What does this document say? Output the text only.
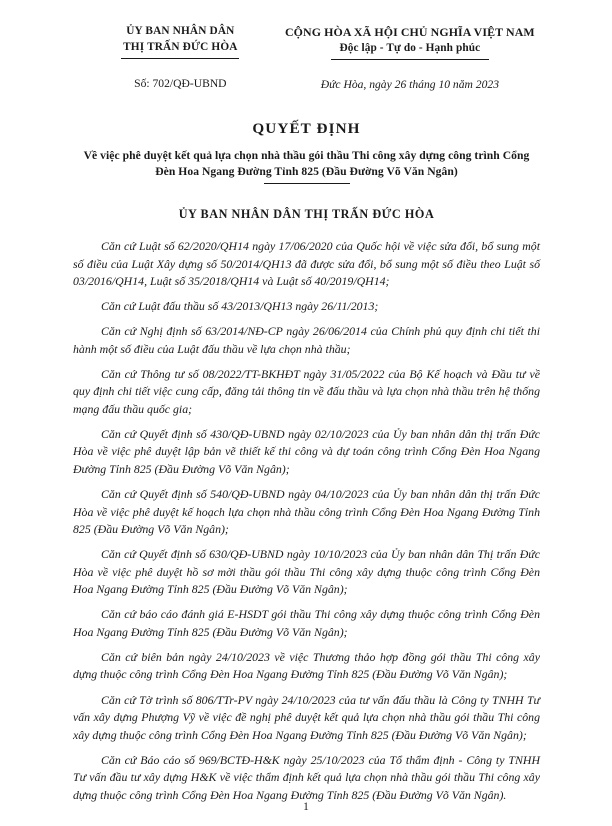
ỦY BAN NHÂN DÂN
THỊ TRẤN ĐỨC HÒA
Số: 702/QĐ-UBND
CỘNG HÒA XÃ HỘI CHỦ NGHĨA VIỆT NAM
Độc lập - Tự do - Hạnh phúc
Đức Hòa, ngày 26 tháng 10 năm 2023
QUYẾT ĐỊNH
Về việc phê duyệt kết quả lựa chọn nhà thầu gói thầu Thi công xây dựng công trình Cổng Đèn Hoa Ngang Đường Tỉnh 825 (Đầu Đường Võ Văn Ngân)
ỦY BAN NHÂN DÂN THỊ TRẤN ĐỨC HÒA

Căn cứ Luật số 62/2020/QH14 ngày 17/06/2020 của Quốc hội về việc sửa đổi, bổ sung một số điều của Luật Xây dựng số 50/2014/QH13 đã được sửa đổi, bổ sung một số điều theo Luật số 03/2016/QH14, Luật số 35/2018/QH14 và Luật số 40/2019/QH14;

Căn cứ Luật đấu thầu số 43/2013/QH13 ngày 26/11/2013;

Căn cứ Nghị định số 63/2014/NĐ-CP ngày 26/06/2014 của Chính phủ quy định chi tiết thi hành một số điều của Luật đấu thầu về lựa chọn nhà thầu;

Căn cứ Thông tư số 08/2022/TT-BKHĐT ngày 31/05/2022 của Bộ Kế hoạch và Đầu tư về quy định chi tiết việc cung cấp, đăng tải thông tin về đấu thầu và lựa chọn nhà thầu trên hệ thống mạng đấu thầu quốc gia;

Căn cứ Quyết định số 430/QĐ-UBND ngày 02/10/2023 của Ủy ban nhân dân thị trấn Đức Hòa về việc phê duyệt lập bản vẽ thiết kế thi công và dự toán công trình Cổng Đèn Hoa Ngang Đường Tỉnh 825 (Đầu Đường Võ Văn Ngân);

Căn cứ Quyết định số 540/QĐ-UBND ngày 04/10/2023 của Ủy ban nhân dân thị trấn Đức Hòa về việc phê duyệt kế hoạch lựa chọn nhà thầu công trình Cổng Đèn Hoa Ngang Đường Tỉnh 825 (Đầu Đường Võ Văn Ngân);

Căn cứ Quyết định số 630/QĐ-UBND ngày 10/10/2023 của Ủy ban nhân dân Thị trấn Đức Hòa về việc phê duyệt hồ sơ mời thầu gói thầu Thi công xây dựng thuộc công trình Cổng Đèn Hoa Ngang Đường Tỉnh 825 (Đầu Đường Võ Văn Ngân);

Căn cứ báo cáo đánh giá E-HSDT gói thầu Thi công xây dựng thuộc công trình Cổng Đèn Hoa Ngang Đường Tỉnh 825 (Đầu Đường Võ Văn Ngân);

Căn cứ biên bản ngày 24/10/2023 về việc Thương thảo hợp đồng gói thầu Thi công xây dựng thuộc công trình Cổng Đèn Hoa Ngang Đường Tỉnh 825 (Đầu Đường Võ Văn Ngân);

Căn cứ Tờ trình số 806/TTr-PV ngày 24/10/2023 của tư vấn đấu thầu là Công ty TNHH Tư vấn xây dựng Phượng Vỹ về việc đề nghị phê duyệt kết quả lựa chọn nhà thầu gói thầu Thi công xây dựng thuộc công trình Cổng Đèn Hoa Ngang Đường Tỉnh 825 (Đầu Đường Võ Văn Ngân);

Căn cứ Báo cáo số 969/BCTĐ-H&K ngày 25/10/2023 của Tổ thẩm định - Công ty TNHH Tư vấn đầu tư xây dựng H&K về việc thẩm định kết quả lựa chọn nhà thầu gói thầu Thi công xây dựng thuộc công trình Cổng Đèn Hoa Ngang Đường Tỉnh 825 (Đầu Đường Võ Văn Ngân).

1
